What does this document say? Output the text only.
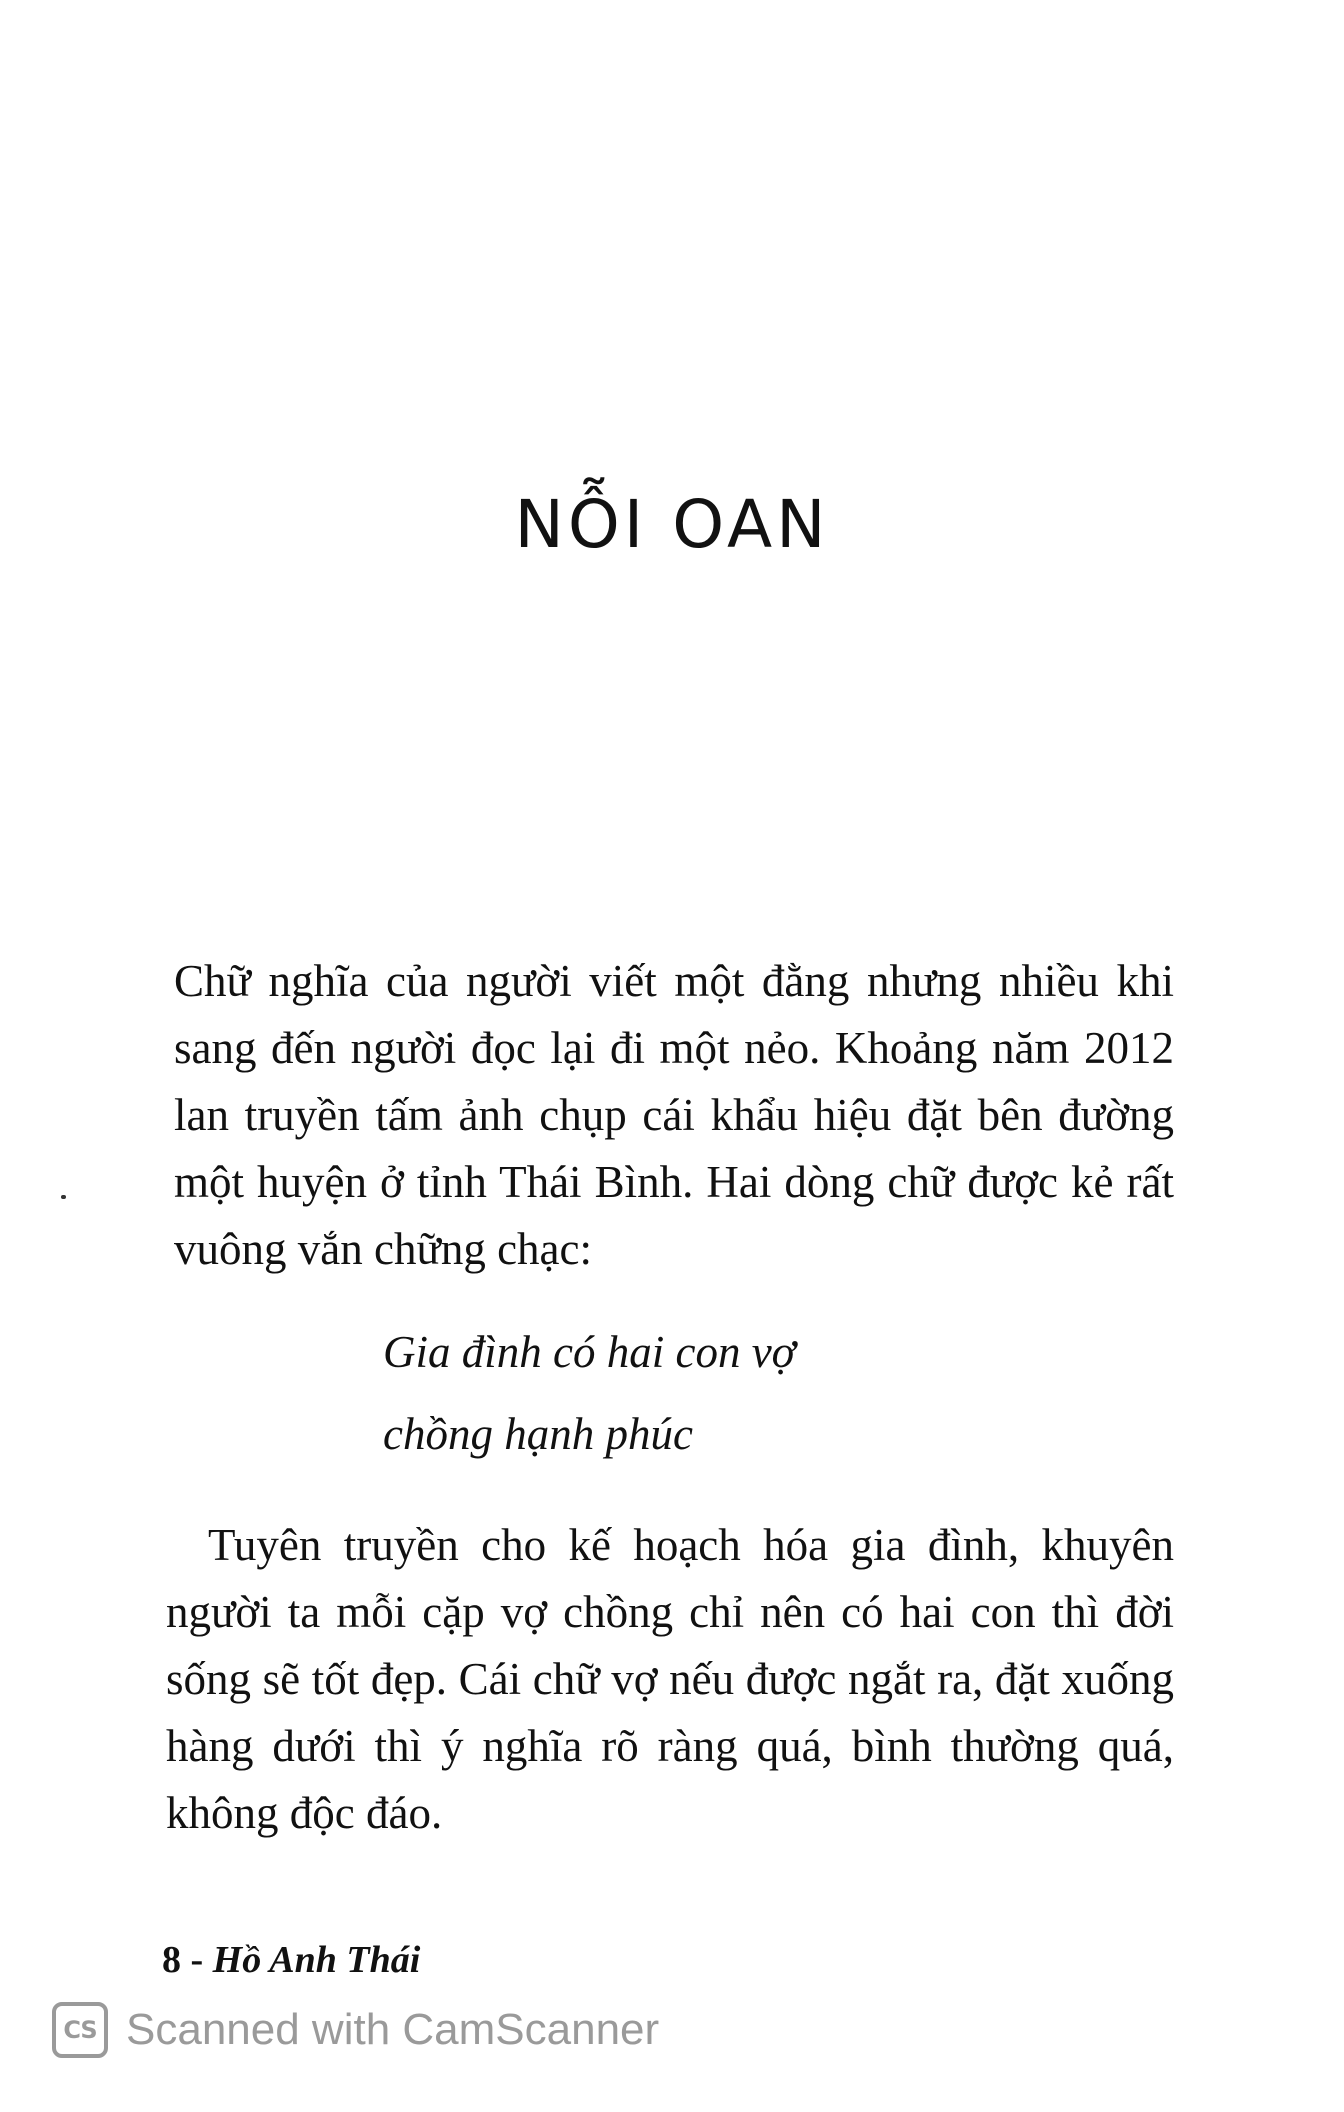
NỖI OAN
Chữ nghĩa của người viết một đằng nhưng nhiều khi
sang đến người đọc lại đi một nẻo. Khoảng năm 2012
lan truyền tấm ảnh chụp cái khẩu hiệu đặt bên đường
một huyện ở tỉnh Thái Bình. Hai dòng chữ được kẻ rất
vuông vắn chững chạc:
Gia đình có hai con vợ
chồng hạnh phúc
Tuyên truyền cho kế hoạch hóa gia đình, khuyên
người ta mỗi cặp vợ chồng chỉ nên có hai con thì đời
sống sẽ tốt đẹp. Cái chữ vợ nếu được ngắt ra, đặt xuống
hàng dưới thì ý nghĩa rõ ràng quá, bình thường quá,
không độc đáo.
8 - Hồ Anh Thái
CS Scanned with CamScanner
